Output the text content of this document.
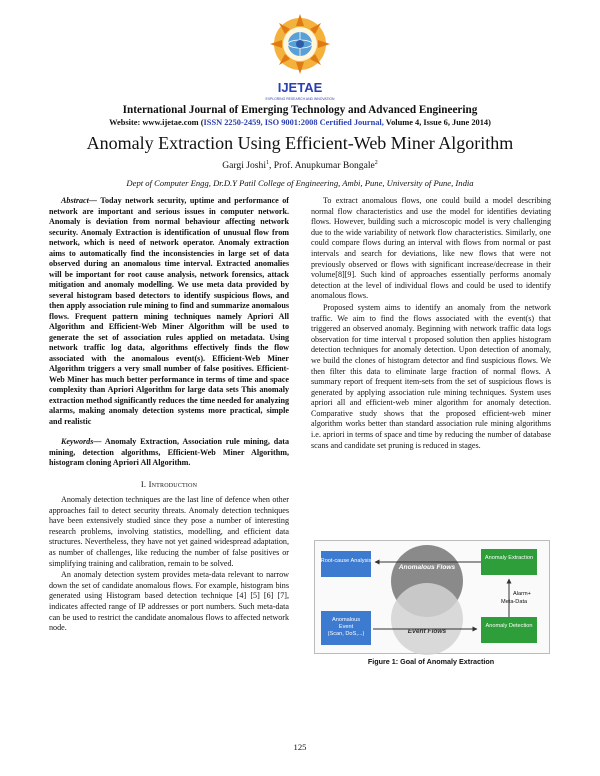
IJETAE
EXPLORING RESEARCH AND INNOVATION
International Journal of Emerging Technology and Advanced Engineering
Website: www.ijetae.com (ISSN 2250-2459, ISO 9001:2008 Certified Journal, Volume 4, Issue 6, June 2014)
Anomaly Extraction Using Efficient-Web Miner Algorithm
Gargi Joshi$^1$, Prof. Anupkumar Bongale$^2$
Dept of Computer Engg, Dr.D.Y Patil College of Engineering, Ambi, Pune, University of Pune, India

Abstract— Today network security, uptime and performance of network are important and serious issues in computer network. Anomaly is deviation from normal behaviour affecting network security. Anomaly Extraction is identification of unusual flow from network, which is need of network operator. Anomaly extraction aims to automatically find the inconsistencies in large set of data observed during an anomalous time interval. Extracted anomalies will be important for root cause analysis, network forensics, attack mitigation and anomaly modelling. We use meta data provided by several histogram based detectors to identify suspicious flows, and then apply association rule mining to find and summarize anomalous flows. Frequent pattern mining techniques namely Apriori All Algorithm and Efficient-Web Miner Algorithm will be used to generate the set of association rules applied on metadata. Using network traffic log data, algorithms effectively finds the flow associated with the anomalous event(s). Efficient-Web Miner Algorithm triggers a very small number of false positives. Efficient- Web Miner has much better performance in terms of time and space complexity than Apriori Algorithm for large data sets This anomaly extraction method significantly reduces the time needed for analyzing alarms, making anomaly detection systems more practical, simple and realistic

Keywords— Anomaly Extraction, Association rule mining, data mining, detection algorithms, Efficient-Web Miner Algorithm, histogram cloning Apriori All Algorithm.

I. Introduction

Anomaly detection techniques are the last line of defence when other approaches fail to detect security threats. Anomaly detection techniques have been extensively studied since they pose a number of interesting research problems, involving statistics, modelling, and efficient data structures. Nevertheless, they have not yet gained widespread adaptation, as number of challenges, like reducing the number of false positives or simplifying training and calibration, remain to be solved.

An anomaly detection system provides meta-data relevant to narrow down the set of candidate anomalous flows. For example, histogram bins generated using Histogram based detection technique [4] [5] [6] [7], indicates affected range of IP addresses or port numbers. Such meta-data can be used to restrict the candidate anomalous flows to affected network node.

To extract anomalous flows, one could build a model describing normal flow characteristics and use the model for identifies deviating flows. However, building such a microscopic model is very challenging due to the wide variability of network flow characteristics. Similarly, one could compare flows during an interval with flows from normal or past intervals and search for deviations, like new flows that were not previously observed or flows with significant increase/decrease in their volume[8][9]. Such kind of approaches essentially performs anomaly detection at the level of individual flows and could be used to identify anomalous flows.

Proposed system aims to identify an anomaly from the network traffic. We aim to find the flows associated with the event(s) that triggered an observed anomaly. Beginning with network traffic data logs observation for time interval t proposed solution then applies histogram detection techniques for anomaly detection. Upon detection of anomaly, we build the clones of histogram detector and find suspicious flows. We then filter this data to eliminate large fraction of normal flows. A summary report of frequent item-sets from the set of suspicious flows is generated by applying association rule mining techniques. System uses apriori all and efficient-web miner algorithm for anomaly detection. Comparative study shows that the proposed efficient-web miner algorithm works better than standard association rule mining algorithms i.e. apriori in terms of space and time by reducing the number of database scans and candidate set pruning is reduced in stages.

Anomalous Flows
Event Flows
Root-cause Analysis
Anomalous
Event
(Scan, DoS,...)
Anomaly Extraction
Anomaly Detection
Alarm+
Meta-Data
Figure 1: Goal of Anomaly Extraction
125
